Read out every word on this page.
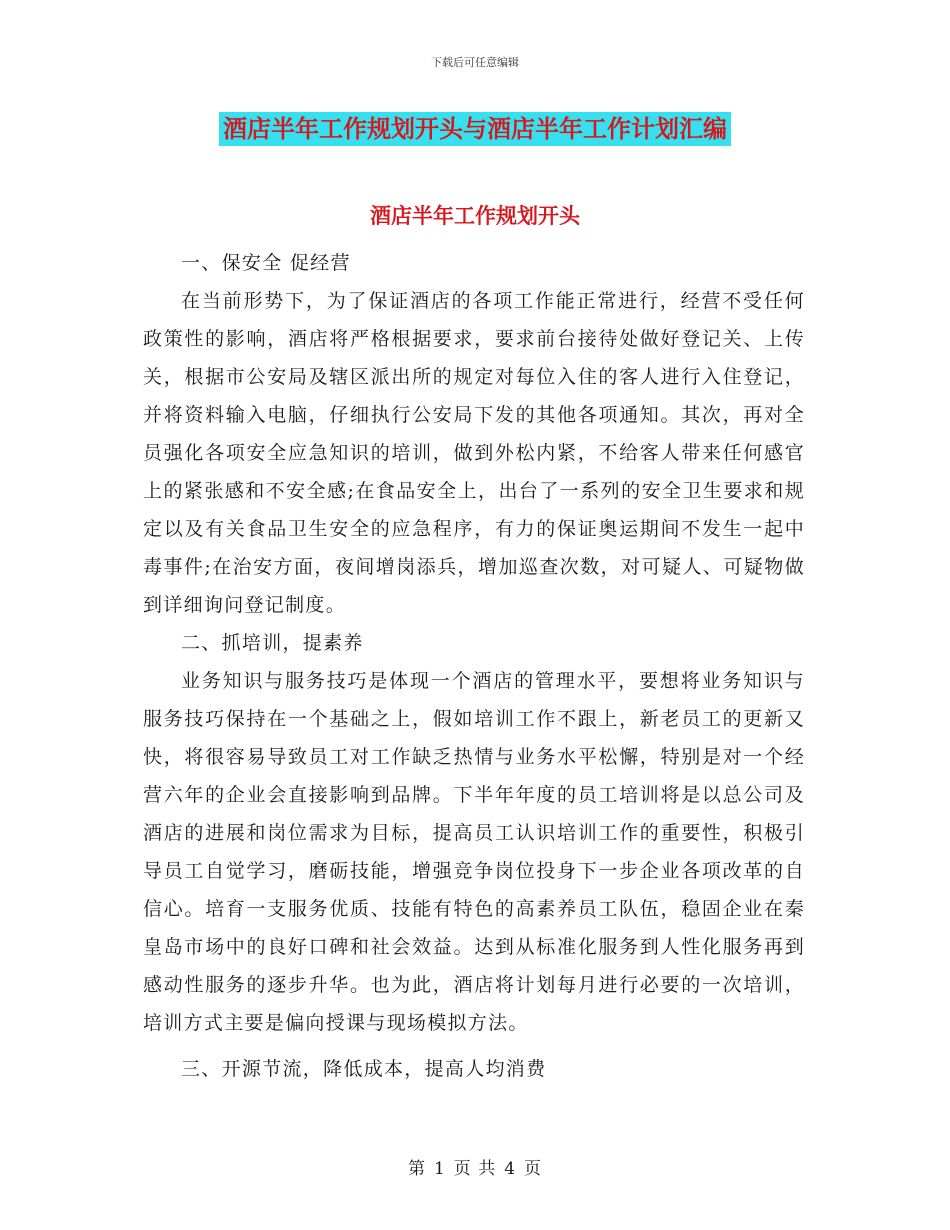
下载后可任意编辑
酒店半年工作规划开头与酒店半年工作计划汇编
酒店半年工作规划开头

一、保安全 促经营

在当前形势下，为了保证酒店的各项工作能正常进行，经营不受任何政策性的影响，酒店将严格根据要求，要求前台接待处做好登记关、上传关，根据市公安局及辖区派出所的规定对每位入住的客人进行入住登记，并将资料输入电脑，仔细执行公安局下发的其他各项通知。其次，再对全员强化各项安全应急知识的培训，做到外松内紧，不给客人带来任何感官上的紧张感和不安全感;在食品安全上，出台了一系列的安全卫生要求和规定以及有关食品卫生安全的应急程序，有力的保证奥运期间不发生一起中毒事件;在治安方面，夜间增岗添兵，增加巡查次数，对可疑人、可疑物做到详细询问登记制度。

二、抓培训，提素养

业务知识与服务技巧是体现一个酒店的管理水平，要想将业务知识与服务技巧保持在一个基础之上，假如培训工作不跟上，新老员工的更新又快，将很容易导致员工对工作缺乏热情与业务水平松懈，特别是对一个经营六年的企业会直接影响到品牌。下半年年度的员工培训将是以总公司及酒店的进展和岗位需求为目标，提高员工认识培训工作的重要性，积极引导员工自觉学习，磨砺技能，增强竞争岗位投身下一步企业各项改革的自信心。培育一支服务优质、技能有特色的高素养员工队伍，稳固企业在秦皇岛市场中的良好口碑和社会效益。达到从标准化服务到人性化服务再到感动性服务的逐步升华。也为此，酒店将计划每月进行必要的一次培训，培训方式主要是偏向授课与现场模拟方法。

三、开源节流，降低成本，提高人均消费

第 1 页 共 4 页
